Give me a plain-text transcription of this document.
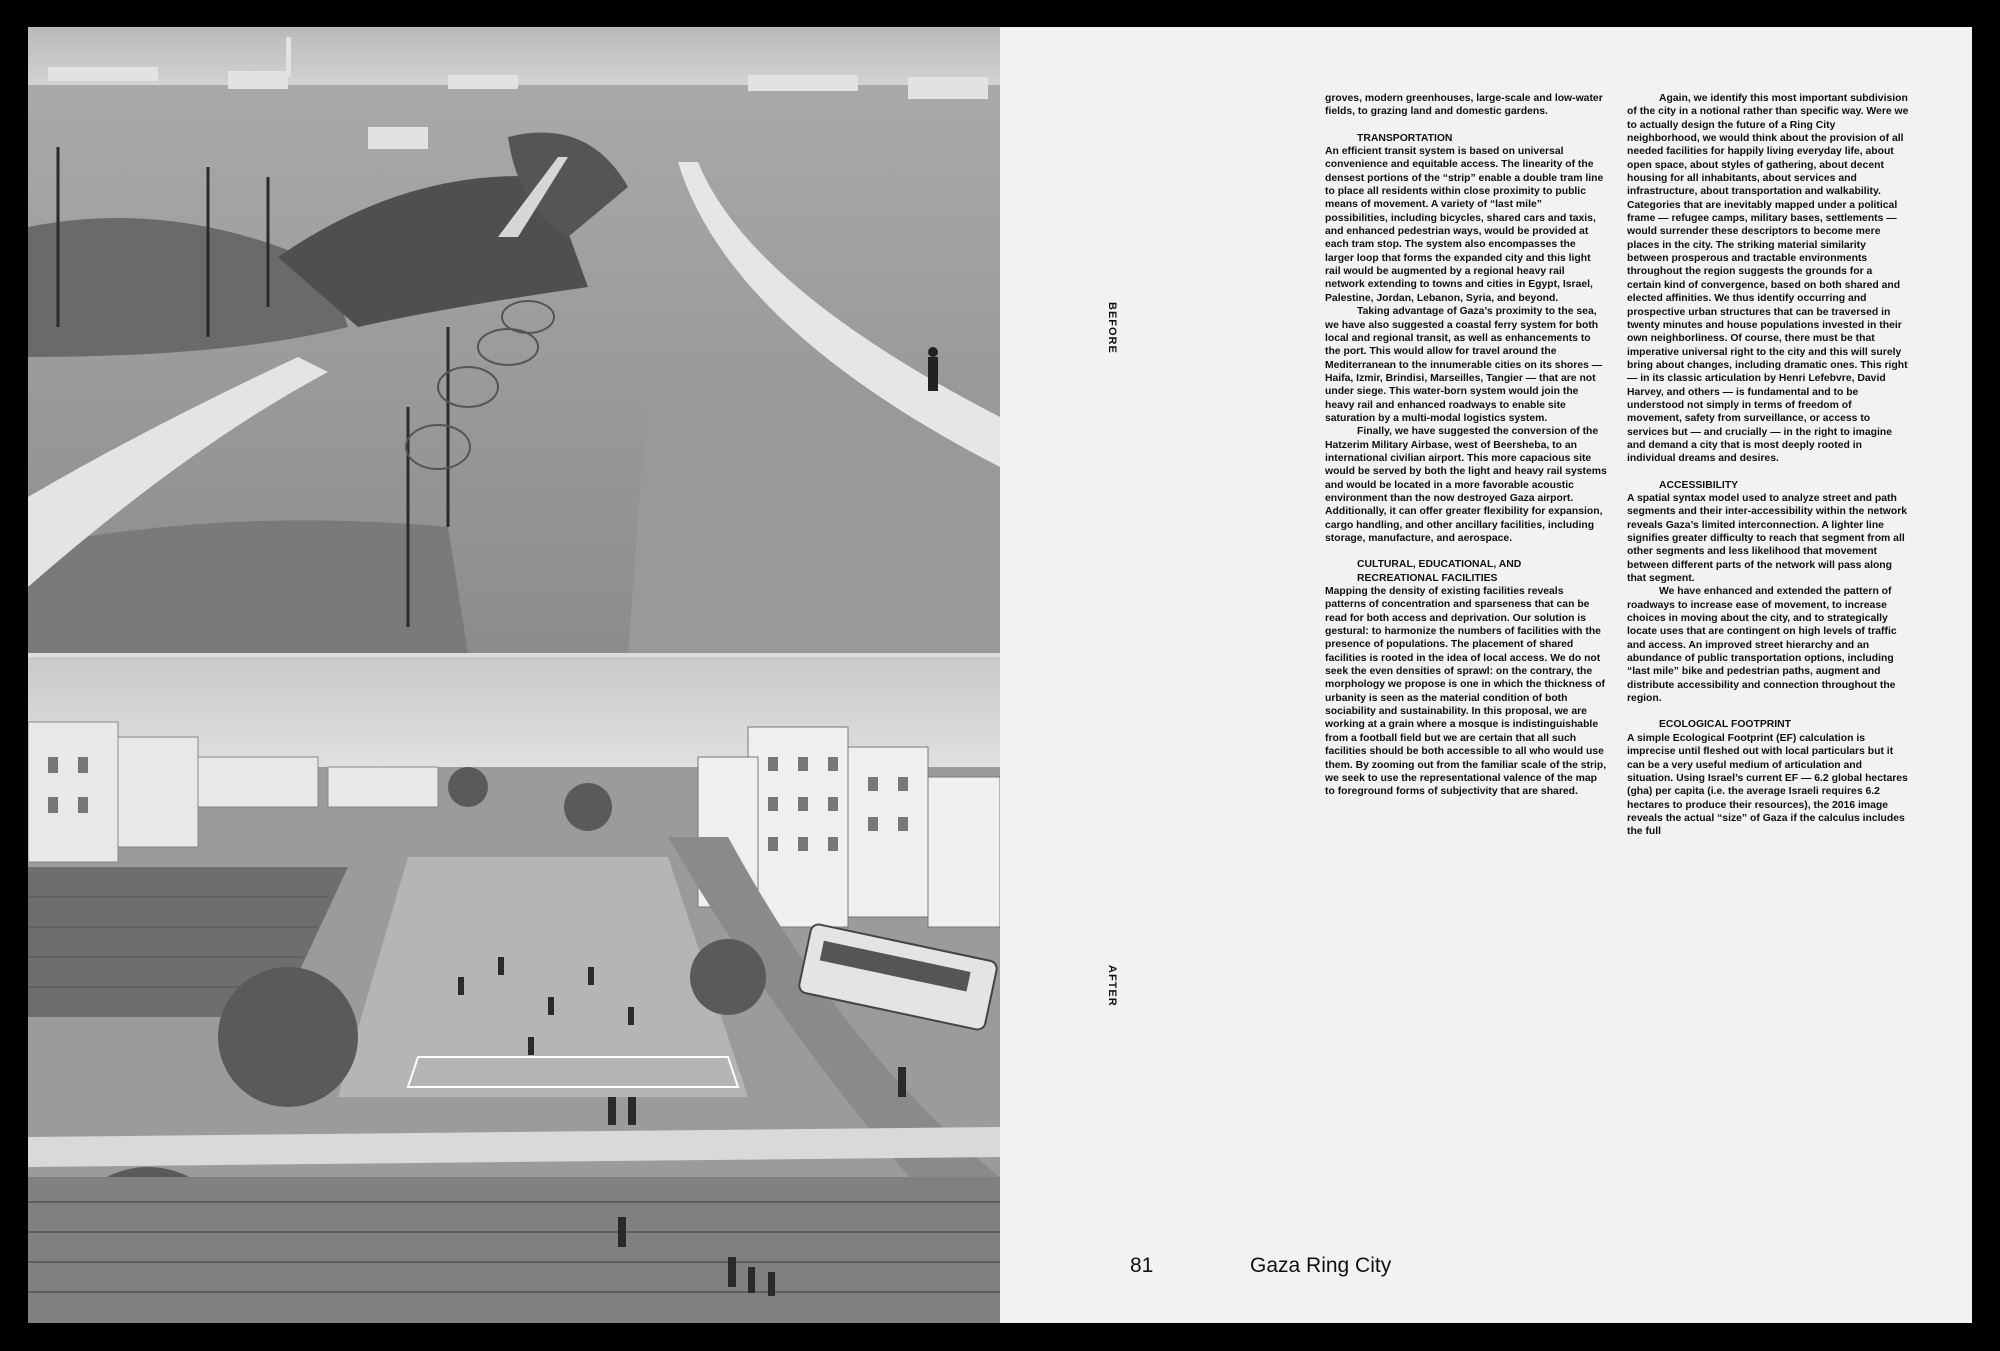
BEFORE
AFTER

groves, modern greenhouses, large-scale and low-water fields, to grazing land and domestic gardens.

TRANSPORTATION

An efficient transit system is based on universal convenience and equitable access. The linearity of the densest portions of the “strip” enable a double tram line to place all residents within close proximity to public means of movement. A variety of “last mile” possibilities, including bicycles, shared cars and taxis, and enhanced pedestrian ways, would be provided at each tram stop. The system also encompasses the larger loop that forms the expanded city and this light rail would be augmented by a regional heavy rail network extending to towns and cities in Egypt, Israel, Palestine, Jordan, Lebanon, Syria, and beyond.

Taking advantage of Gaza’s proximity to the sea, we have also suggested a coastal ferry system for both local and regional transit, as well as enhancements to the port. This would allow for travel around the Mediterranean to the innumerable cities on its shores — Haifa, Izmir, Brindisi, Marseilles, Tangier — that are not under siege. This water-born system would join the heavy rail and enhanced roadways to enable site saturation by a multi-modal logistics system.

Finally, we have suggested the conversion of the Hatzerim Military Airbase, west of Beersheba, to an international civilian airport. This more capacious site would be served by both the light and heavy rail systems and would be located in a more favorable acoustic environment than the now destroyed Gaza airport. Additionally, it can offer greater flexibility for expansion, cargo handling, and other ancillary facilities, including storage, manufacture, and aerospace.

CULTURAL, EDUCATIONAL, AND RECREATIONAL FACILITIES

Mapping the density of existing facilities reveals patterns of concentration and sparseness that can be read for both access and deprivation. Our solution is gestural: to harmonize the numbers of facilities with the presence of populations. The placement of shared facilities is rooted in the idea of local access. We do not seek the even densities of sprawl: on the contrary, the morphology we propose is one in which the thickness of urbanity is seen as the material condition of both sociability and sustainability. In this proposal, we are working at a grain where a mosque is indistinguishable from a football field but we are certain that all such facilities should be both accessible to all who would use them. By zooming out from the familiar scale of the strip, we seek to use the representational valence of the map to foreground forms of subjectivity that are shared.

Again, we identify this most important subdivision of the city in a notional rather than specific way. Were we to actually design the future of a Ring City neighborhood, we would think about the provision of all needed facilities for happily living everyday life, about open space, about styles of gathering, about decent housing for all inhabitants, about services and infrastructure, about transportation and walkability. Categories that are inevitably mapped under a political frame — refugee camps, military bases, settlements — would surrender these descriptors to become mere places in the city. The striking material similarity between prosperous and tractable environments throughout the region suggests the grounds for a certain kind of convergence, based on both shared and elected affinities. We thus identify occurring and prospective urban structures that can be traversed in twenty minutes and house populations invested in their own neighborliness. Of course, there must be that imperative universal right to the city and this will surely bring about changes, including dramatic ones. This right — in its classic articulation by Henri Lefebvre, David Harvey, and others — is fundamental and to be understood not simply in terms of freedom of movement, safety from surveillance, or access to services but — and crucially — in the right to imagine and demand a city that is most deeply rooted in individual dreams and desires.

ACCESSIBILITY

A spatial syntax model used to analyze street and path segments and their inter-accessibility within the network reveals Gaza’s limited interconnection. A lighter line signifies greater difficulty to reach that segment from all other segments and less likelihood that movement between different parts of the network will pass along that segment.

We have enhanced and extended the pattern of roadways to increase ease of movement, to increase choices in moving about the city, and to strategically locate uses that are contingent on high levels of traffic and access. An improved street hierarchy and an abundance of public transportation options, including “last mile” bike and pedestrian paths, augment and distribute accessibility and connection throughout the region.

ECOLOGICAL FOOTPRINT

A simple Ecological Footprint (EF) calculation is imprecise until fleshed out with local particulars but it can be a very useful medium of articulation and situation. Using Israel’s current EF — 6.2 global hectares (gha) per capita (i.e. the average Israeli requires 6.2 hectares to produce their resources), the 2016 image reveals the actual “size” of Gaza if the calculus includes the full

81	Gaza Ring City
